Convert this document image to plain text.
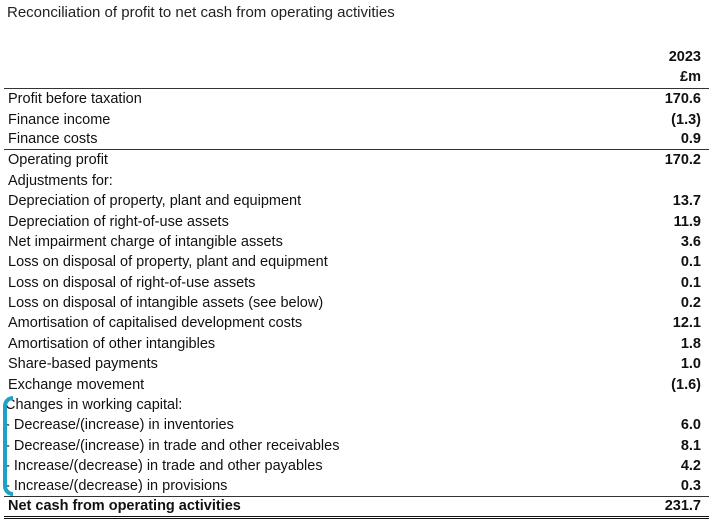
Reconciliation of profit to net cash from operating activities
2023
£m
Profit before taxation	170.6
Finance income	(1.3)
Finance costs	0.9
Operating profit	170.2
Adjustments for:
Depreciation of property, plant and equipment	13.7
Depreciation of right-of-use assets	11.9
Net impairment charge of intangible assets	3.6
Loss on disposal of property, plant and equipment	0.1
Loss on disposal of right-of-use assets	0.1
Loss on disposal of intangible assets (see below)	0.2
Amortisation of capitalised development costs	12.1
Amortisation of other intangibles	1.8
Share-based payments	1.0
Exchange movement	(1.6)
Changes in working capital:
- Decrease/(increase) in inventories	6.0
- Decrease/(increase) in trade and other receivables	8.1
- Increase/(decrease) in trade and other payables	4.2
- Increase/(decrease) in provisions	0.3
Net cash from operating activities	231.7
